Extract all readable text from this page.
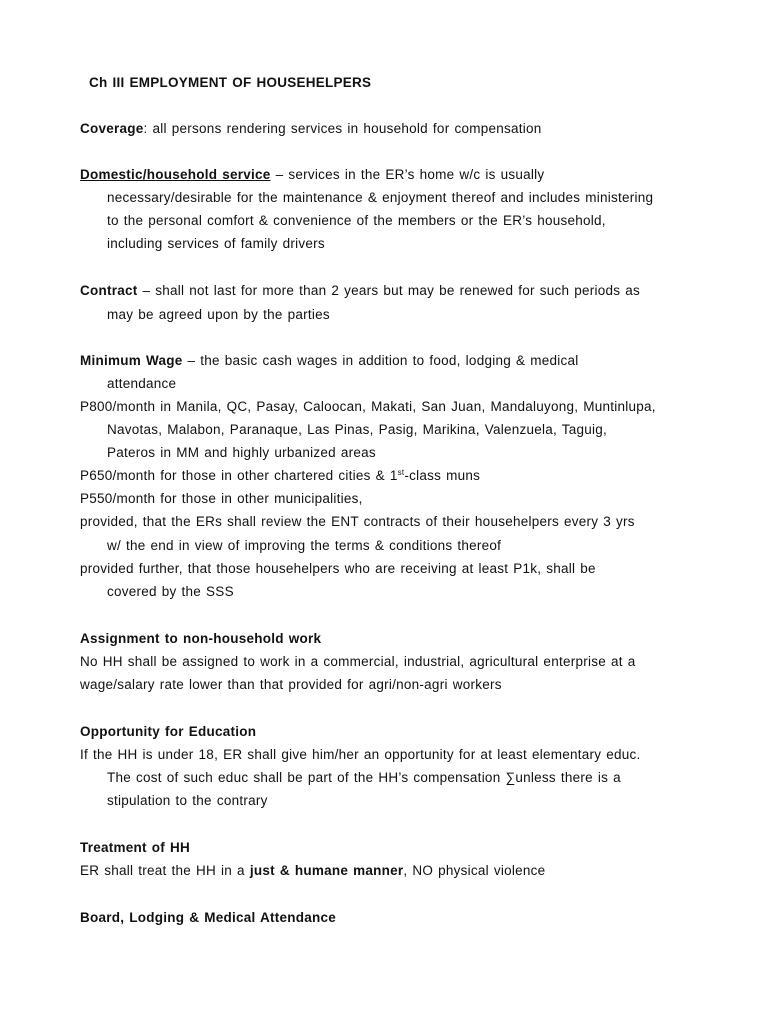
Ch III EMPLOYMENT OF HOUSEHELPERS
Coverage: all persons rendering services in household for compensation
Domestic/household service – services in the ER’s home w/c is usually
necessary/desirable for the maintenance & enjoyment thereof and includes ministering
to the personal comfort & convenience of the members or the ER’s household,
including services of family drivers
Contract – shall not last for more than 2 years but may be renewed for such periods as
may be agreed upon by the parties
Minimum Wage – the basic cash wages in addition to food, lodging & medical
attendance
P800/month in Manila, QC, Pasay, Caloocan, Makati, San Juan, Mandaluyong, Muntinlupa,
Navotas, Malabon, Paranaque, Las Pinas, Pasig, Marikina, Valenzuela, Taguig,
Pateros in MM and highly urbanized areas
P650/month for those in other chartered cities & 1st-class muns
P550/month for those in other municipalities,
provided, that the ERs shall review the ENT contracts of their househelpers every 3 yrs
w/ the end in view of improving the terms & conditions thereof
provided further, that those househelpers who are receiving at least P1k, shall be
covered by the SSS
Assignment to non-household work
No HH shall be assigned to work in a commercial, industrial, agricultural enterprise at a
wage/salary rate lower than that provided for agri/non-agri workers
Opportunity for Education
If the HH is under 18, ER shall give him/her an opportunity for at least elementary educ.
The cost of such educ shall be part of the HH’s compensation ∑unless there is a
stipulation to the contrary
Treatment of HH
ER shall treat the HH in a just & humane manner, NO physical violence
Board, Lodging & Medical Attendance
